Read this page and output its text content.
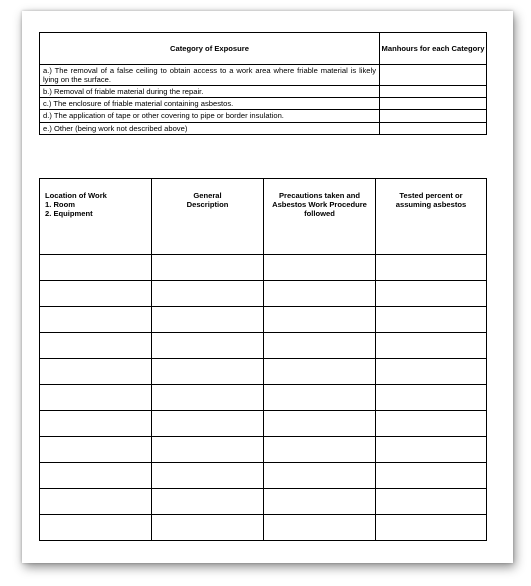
Category of Exposure	Manhours for each Category
a.) The removal of a false ceiling to obtain access to a work area where friable material is likely lying on the surface.	
b.) Removal of friable material during the repair.	
c.) The enclosure of friable material containing asbestos.	
d.) The application of tape or other covering to pipe or border insulation.	
e.) Other (being work not described above)	
Location of Work
1. Room
2. Equipment	General Description	Precautions taken and Asbestos Work Procedure followed	Tested percent or assuming asbestos
